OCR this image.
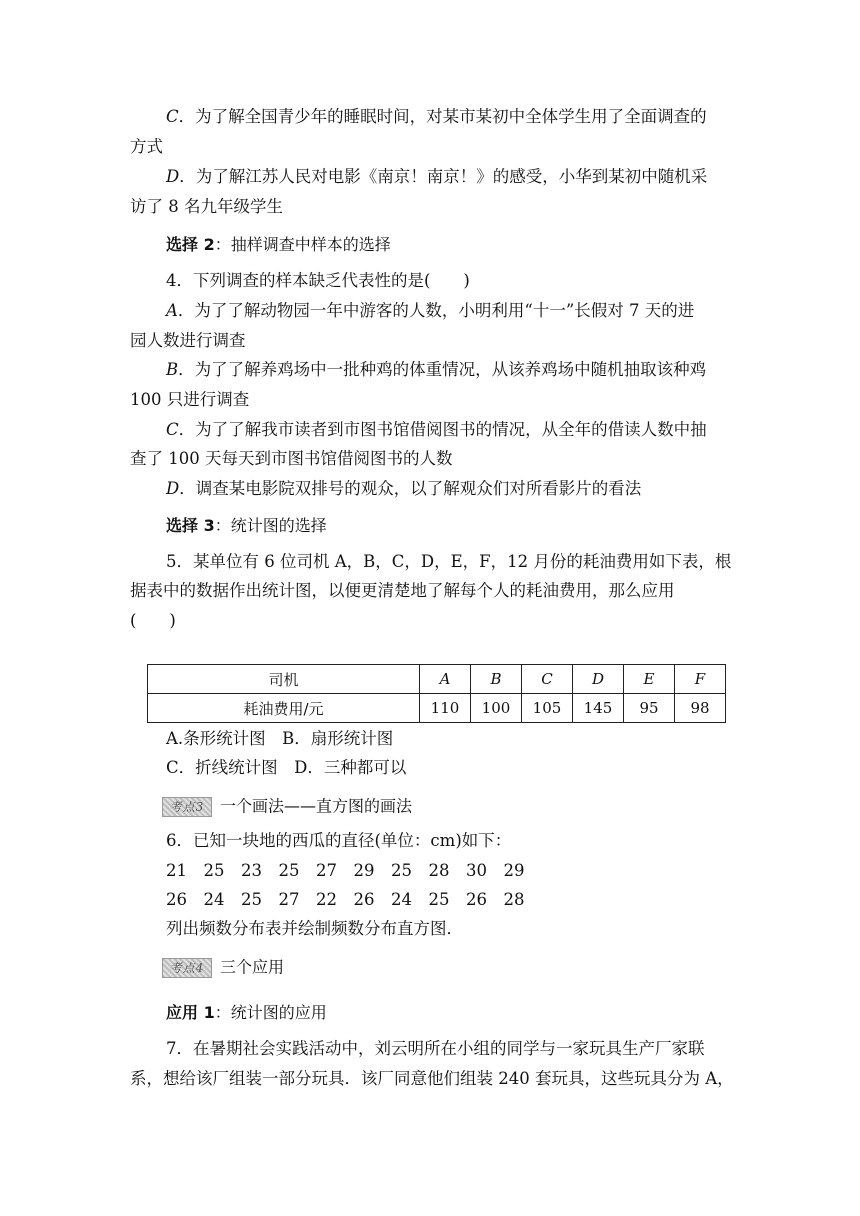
C．为了解全国青少年的睡眠时间，对某市某初中全体学生用了全面调查的
方式
D．为了解江苏人民对电影《南京！南京！》的感受，小华到某初中随机采
访了 8 名九年级学生
选择 2：抽样调查中样本的选择
4．下列调查的样本缺乏代表性的是(　　)
A．为了了解动物园一年中游客的人数，小明利用“十一”长假对 7 天的进
园人数进行调查
B．为了了解养鸡场中一批种鸡的体重情况，从该养鸡场中随机抽取该种鸡
100 只进行调查
C．为了了解我市读者到市图书馆借阅图书的情况，从全年的借读人数中抽
查了 100 天每天到市图书馆借阅图书的人数
D．调查某电影院双排号的观众，以了解观众们对所看影片的看法
选择 3：统计图的选择
5．某单位有 6 位司机 A，B，C，D，E，F，12 月份的耗油费用如下表，根
据表中的数据作出统计图，以便更清楚地了解每个人的耗油费用，那么应用
(　　)
司机	A	B	C	D	E	F
耗油费用/元	110	100	105	145	95	98
A.条形统计图　B．扇形统计图
C．折线统计图　D．三种都可以
考点3 一个画法——直方图的画法
6．已知一块地的西瓜的直径(单位：cm)如下：
21　25　23　25　27　29　25　28　30　29
26　24　25　27　22　26　24　25　26　28
列出频数分布表并绘制频数分布直方图．
考点4 三个应用
应用 1：统计图的应用
7．在暑期社会实践活动中，刘云明所在小组的同学与一家玩具生产厂家联
系，想给该厂组装一部分玩具．该厂同意他们组装 240 套玩具，这些玩具分为 A，
